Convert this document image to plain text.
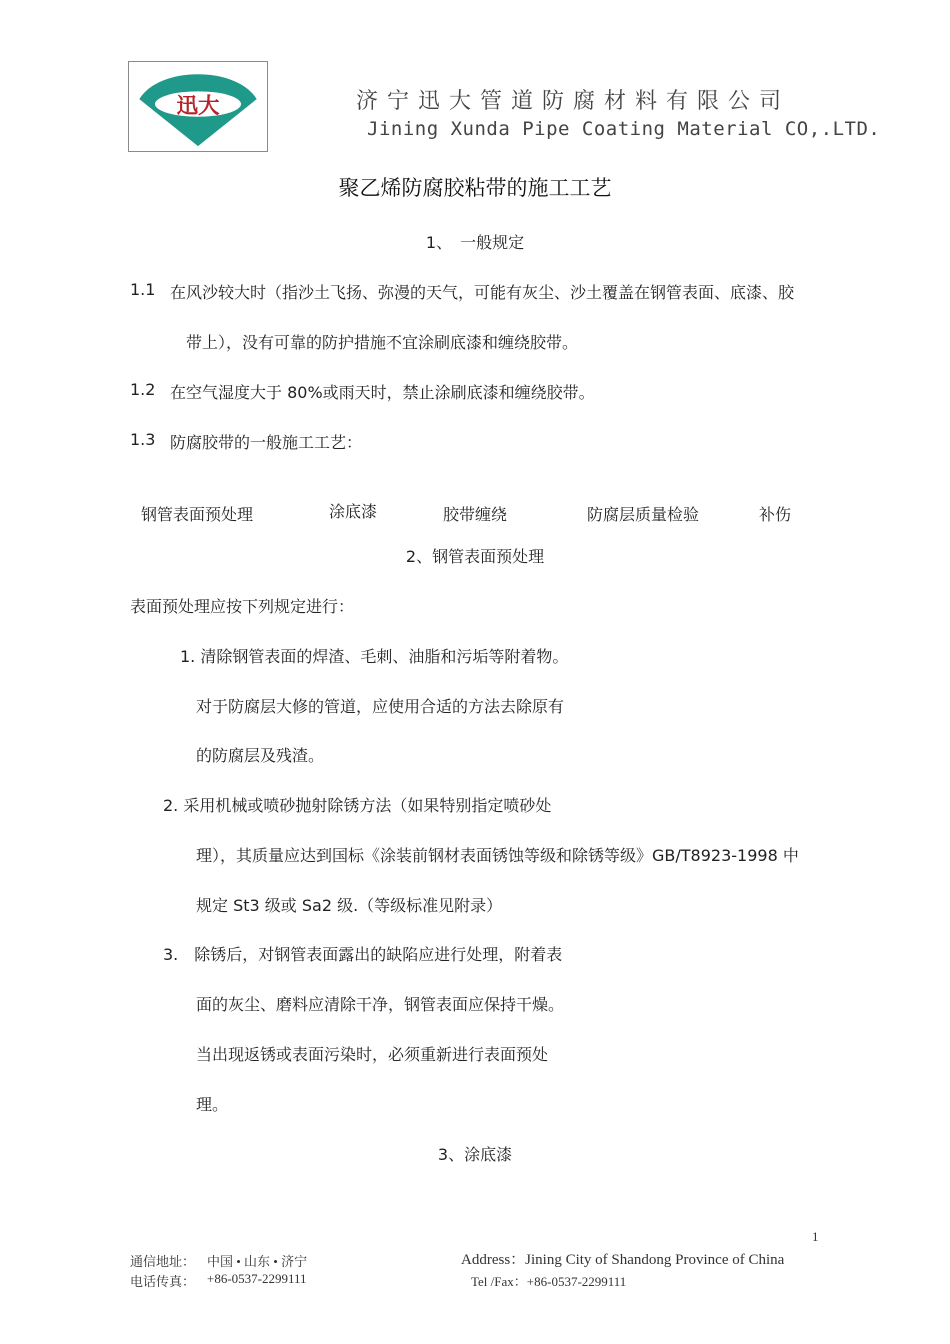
迅大	济宁迅大管道防腐材料有限公司
Jining Xunda Pipe Coating Material CO,.LTD.
聚乙烯防腐胶粘带的施工工艺
1、　一般规定
1.1 在风沙较大时（指沙土飞扬、弥漫的天气，可能有灰尘、沙土覆盖在钢管表面、底漆、胶
带上），没有可靠的防护措施不宜涂刷底漆和缠绕胶带。
1.2 在空气湿度大于 80%或雨天时，禁止涂刷底漆和缠绕胶带。
1.3 防腐胶带的一般施工工艺：
钢管表面预处理	涂底漆	胶带缠绕	防腐层质量检验	补伤
2、钢管表面预处理
表面预处理应按下列规定进行：
1. 清除钢管表面的焊渣、毛刺、油脂和污垢等附着物。
对于防腐层大修的管道，应使用合适的方法去除原有
的防腐层及残渣。
2. 采用机械或喷砂抛射除锈方法（如果特别指定喷砂处
理），其质量应达到国标《涂装前钢材表面锈蚀等级和除锈等级》GB/T8923-1998 中
规定 St3 级或 Sa2 级.（等级标准见附录）
3.　除锈后，对钢管表面露出的缺陷应进行处理，附着表
面的灰尘、磨料应清除干净，钢管表面应保持干燥。
当出现返锈或表面污染时，必须重新进行表面预处
理。
3、涂底漆
1
通信地址： 中国 • 山东 • 济宁
电话传真： +86-0537-2299111
Address：Jining City of Shandong Province of China
Tel /Fax：+86-0537-2299111
